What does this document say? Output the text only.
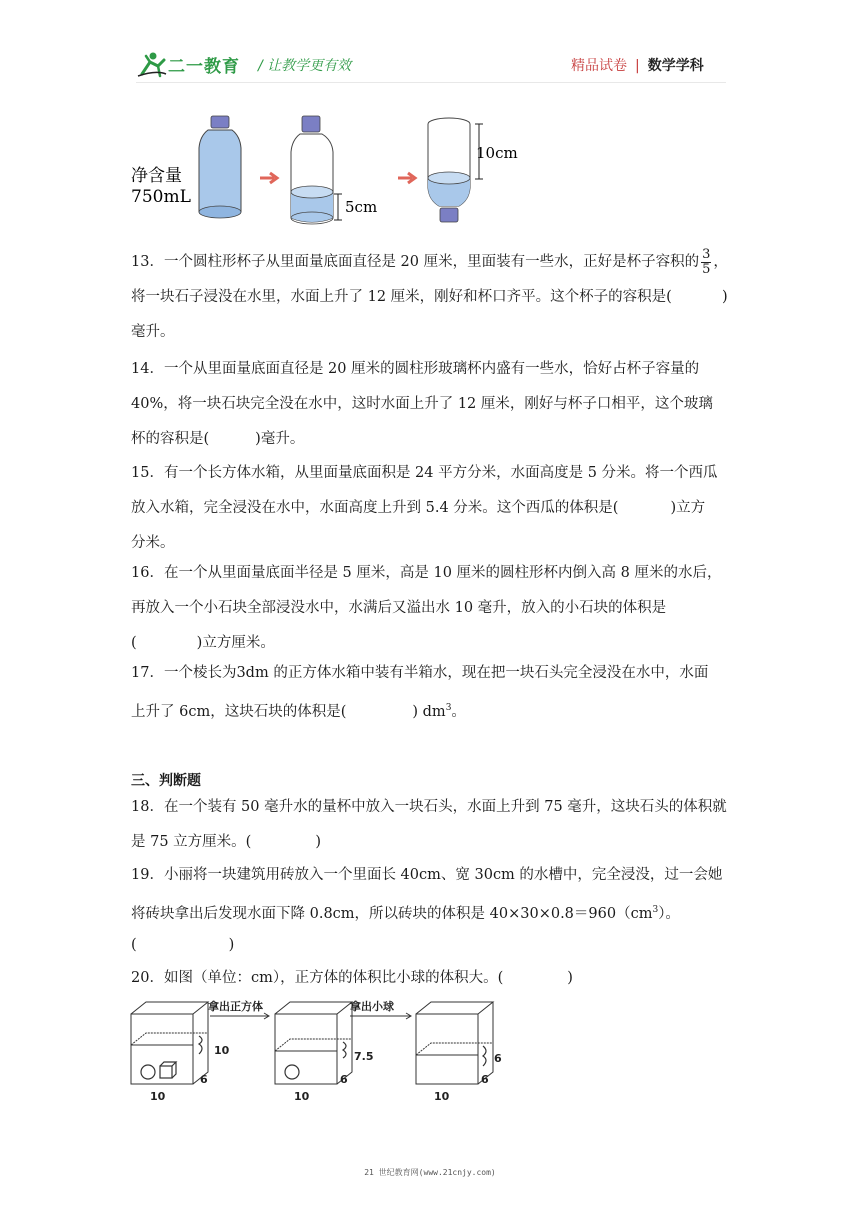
二一教育 / 让教学更有效	精品试卷 | 数学学科
净含量
750mL	5cm
10cm
13．一个圆柱形杯子从里面量底面直径是 20 厘米，里面装有一些水，正好是杯子容积的 $\frac{3}{5}$ ，
将一块石子浸没在水里，水面上升了 12 厘米，刚好和杯口齐平。这个杯子的容积是(	)
毫升。
14．一个从里面量底面直径是 20 厘米的圆柱形玻璃杯内盛有一些水，恰好占杯子容量的
40%，将一块石块完全没在水中，这时水面上升了 12 厘米，刚好与杯子口相平，这个玻璃
杯的容积是(	)毫升。
15．有一个长方体水箱，从里面量底面积是 24 平方分米，水面高度是 5 分米。将一个西瓜
放入水箱，完全浸没在水中，水面高度上升到 5.4 分米。这个西瓜的体积是(	)立方
分米。
16．在一个从里面量底面半径是 5 厘米，高是 10 厘米的圆柱形杯内倒入高 8 厘米的水后，
再放入一个小石块全部浸没水中，水满后又溢出水 10 毫升，放入的小石块的体积是
(	)立方厘米。
17．一个棱长为3dm 的正方体水箱中装有半箱水，现在把一块石头完全浸没在水中，水面
上升了 6cm，这块石块的体积是(	) $dm^3$。
三、判断题
18．在一个装有 50 毫升水的量杯中放入一块石头，水面上升到 75 毫升，这块石头的体积就
是 75 立方厘米。(	)
19．小丽将一块建筑用砖放入一个里面长 40cm、宽 30cm 的水槽中，完全浸没，过一会她
将砖块拿出后发现水面下降 0.8cm，所以砖块的体积是 $40\times 30\times 0.8=960(cm^3)$。
(	)
20．如图（单位：cm），正方体的体积比小球的体积大。(	)
10
6
10
拿出正方体
7.5
6
10
拿出小球
6
6
10
21 世纪教育网(www.21cnjy.com)
